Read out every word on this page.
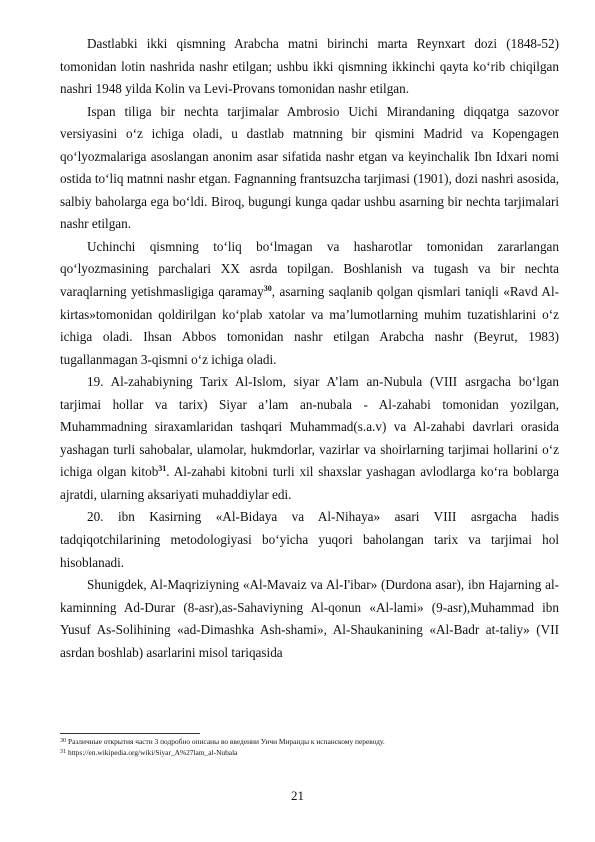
Dastlabki ikki qismning Arabcha matni birinchi marta Reynxart dozi (1848-52) tomonidan lotin nashrida nashr etilgan; ushbu ikki qismning ikkinchi qayta ko‘rib chiqilgan nashri 1948 yilda Kolin va Levi-Provans tomonidan nashr etilgan.

Ispan tiliga bir nechta tarjimalar Ambrosio Uichi Mirandaning diqqatga sazovor versiyasini o‘z ichiga oladi, u dastlab matnning bir qismini Madrid va Kopengagen qo‘lyozmalariga asoslangan anonim asar sifatida nashr etgan va keyinchalik Ibn Idxari nomi ostida to‘liq matnni nashr etgan. Fagnanning frantsuzcha tarjimasi (1901), dozi nashri asosida, salbiy baholarga ega bo‘ldi. Biroq, bugungi kunga qadar ushbu asarning bir nechta tarjimalari nashr etilgan.

Uchinchi qismning to‘liq bo‘lmagan va hasharotlar tomonidan zararlangan qo‘lyozmasining parchalari XX asrda topilgan. Boshlanish va tugash va bir nechta varaqlarning yetishmasligiga qaramay$^{30}$, asarning saqlanib qolgan qismlari taniqli «Ravd Al-kirtas»tomonidan qoldirilgan ko‘plab xatolar va ma’lumotlarning muhim tuzatishlarini o‘z ichiga oladi. Ihsan Abbos tomonidan nashr etilgan Arabcha nashr (Beyrut, 1983) tugallanmagan 3-qismni o‘z ichiga oladi.

19. Al-zahabiyning Tarix Al-Islom, siyar A’lam an-Nubula (VIII asrgacha bo‘lgan tarjimai hollar va tarix) Siyar a’lam an-nubala - Al-zahabi tomonidan yozilgan, Muhammadning siraxamlaridan tashqari Muhammad(s.a.v) va Al-zahabi davrlari orasida yashagan turli sahobalar, ulamolar, hukmdorlar, vazirlar va shoirlarning tarjimai hollarini o‘z ichiga olgan kitob$^{31}$. Al-zahabi kitobni turli xil shaxslar yashagan avlodlarga ko‘ra boblarga ajratdi, ularning aksariyati muhaddiylar edi.

20. ibn Kasirning «Al-Bidaya va Al-Nihaya» asari VIII asrgacha hadis tadqiqotchilarining metodologiyasi bo‘yicha yuqori baholangan tarix va tarjimai hol hisoblanadi.

Shunigdek, Al-Maqriziyning «Al-Mavaiz va Al-I'ibar» (Durdona asar), ibn Hajarning al-kaminning Ad-Durar (8-asr),as-Sahaviyning Al-qonun «Al-lami» (9-asr),Muhammad ibn Yusuf As-Solihining «ad-Dimashka Ash-shami», Al-Shaukanining «Al-Badr at-taliy» (VII asrdan boshlab) asarlarini misol tariqasida

$^{30}$ Различные открытия части 3 подробно описаны во введении Уичи Миранды к испанскому переводу.
$^{31}$ https://en.wikipedia.org/wiki/Siyar_A%27lam_al-Nubala
21
